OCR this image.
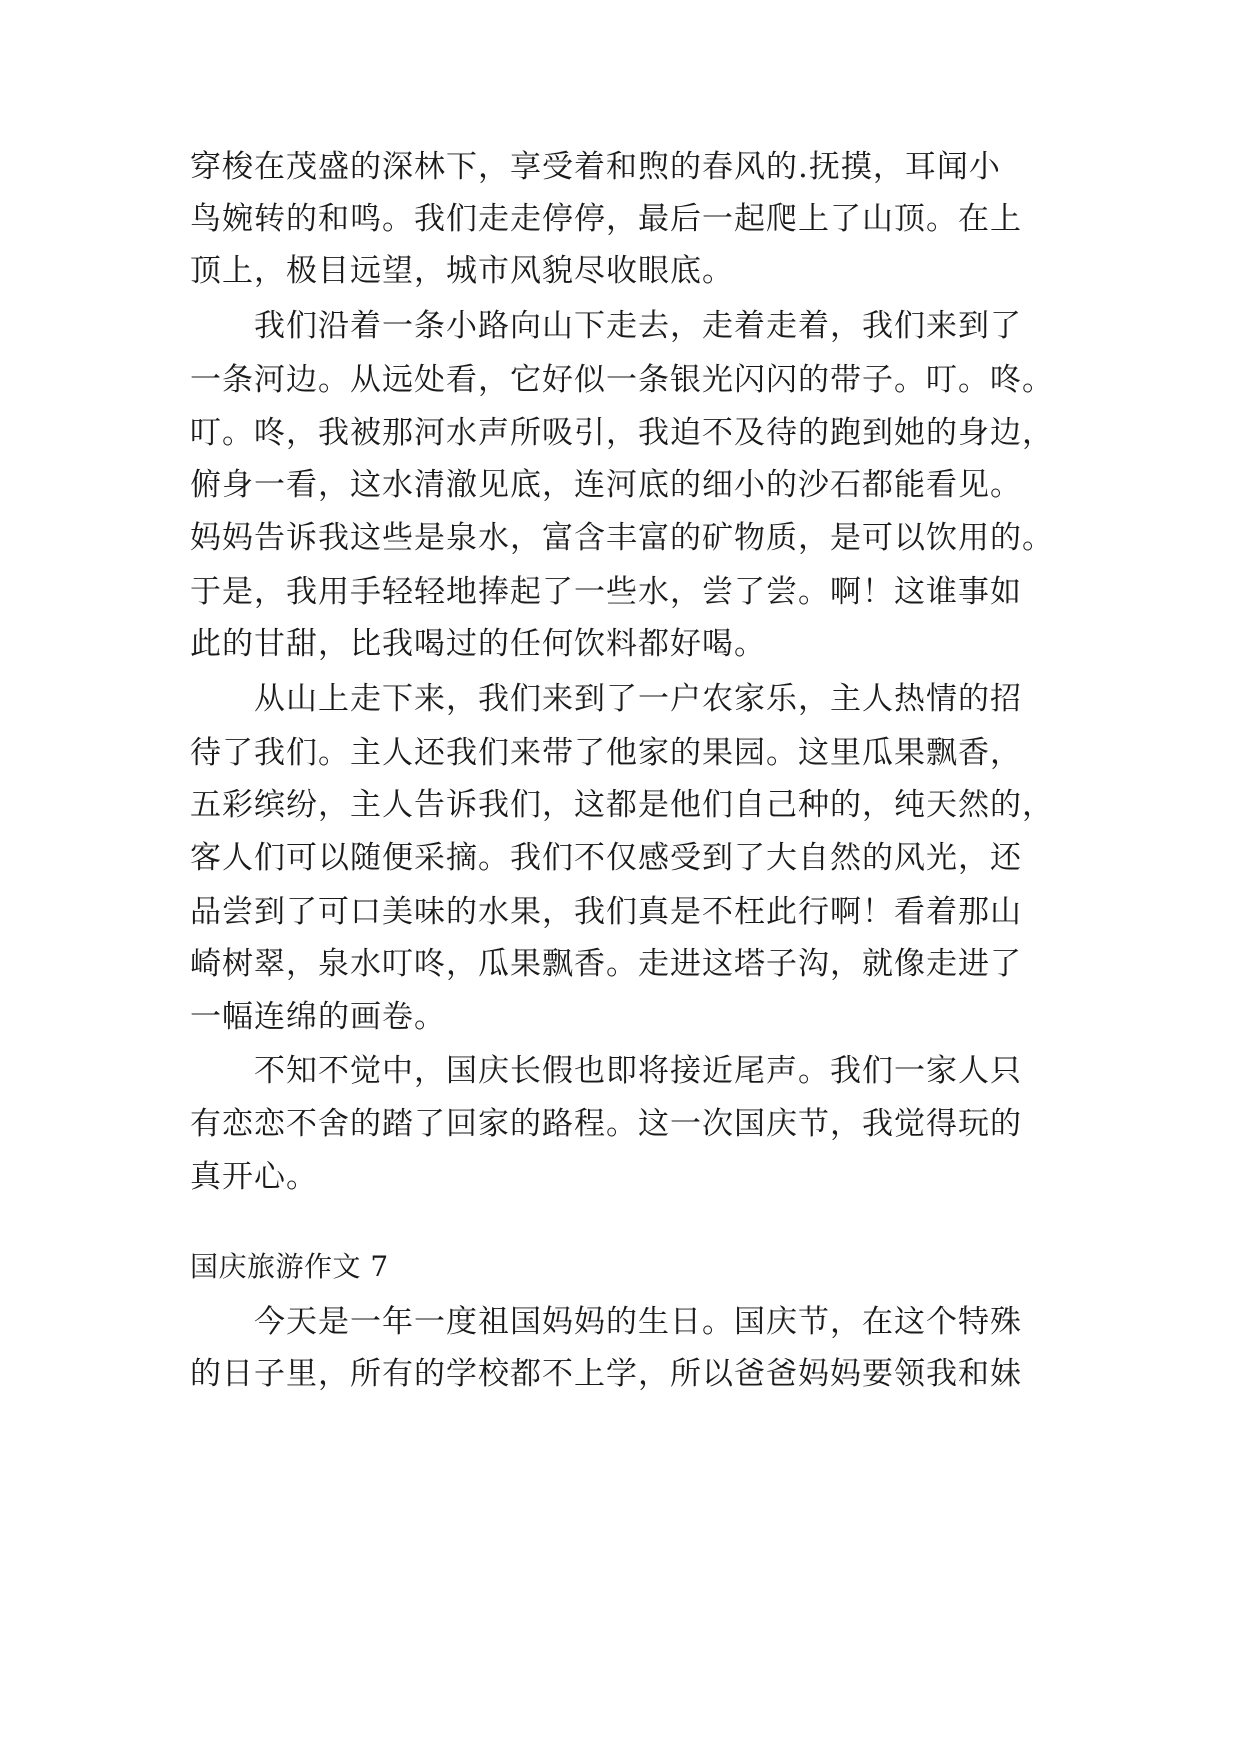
穿梭在茂盛的深林下，享受着和煦的春风的.抚摸，耳闻小
鸟婉转的和鸣。我们走走停停，最后一起爬上了山顶。在上
顶上，极目远望，城市风貌尽收眼底。
　　我们沿着一条小路向山下走去，走着走着，我们来到了
一条河边。从远处看，它好似一条银光闪闪的带子。叮。咚。
叮。咚，我被那河水声所吸引，我迫不及待的跑到她的身边，
俯身一看，这水清澈见底，连河底的细小的沙石都能看见。
妈妈告诉我这些是泉水，富含丰富的矿物质，是可以饮用的。
于是，我用手轻轻地捧起了一些水，尝了尝。啊！这谁事如
此的甘甜，比我喝过的任何饮料都好喝。
　　从山上走下来，我们来到了一户农家乐，主人热情的招
待了我们。主人还我们来带了他家的果园。这里瓜果飘香，
五彩缤纷，主人告诉我们，这都是他们自己种的，纯天然的，
客人们可以随便采摘。我们不仅感受到了大自然的风光，还
品尝到了可口美味的水果，我们真是不枉此行啊！看着那山
崎树翠，泉水叮咚，瓜果飘香。走进这塔子沟，就像走进了
一幅连绵的画卷。
　　不知不觉中，国庆长假也即将接近尾声。我们一家人只
有恋恋不舍的踏了回家的路程。这一次国庆节，我觉得玩的
真开心。
国庆旅游作文 7
　　今天是一年一度祖国妈妈的生日。国庆节，在这个特殊
的日子里，所有的学校都不上学，所以爸爸妈妈要领我和妹
